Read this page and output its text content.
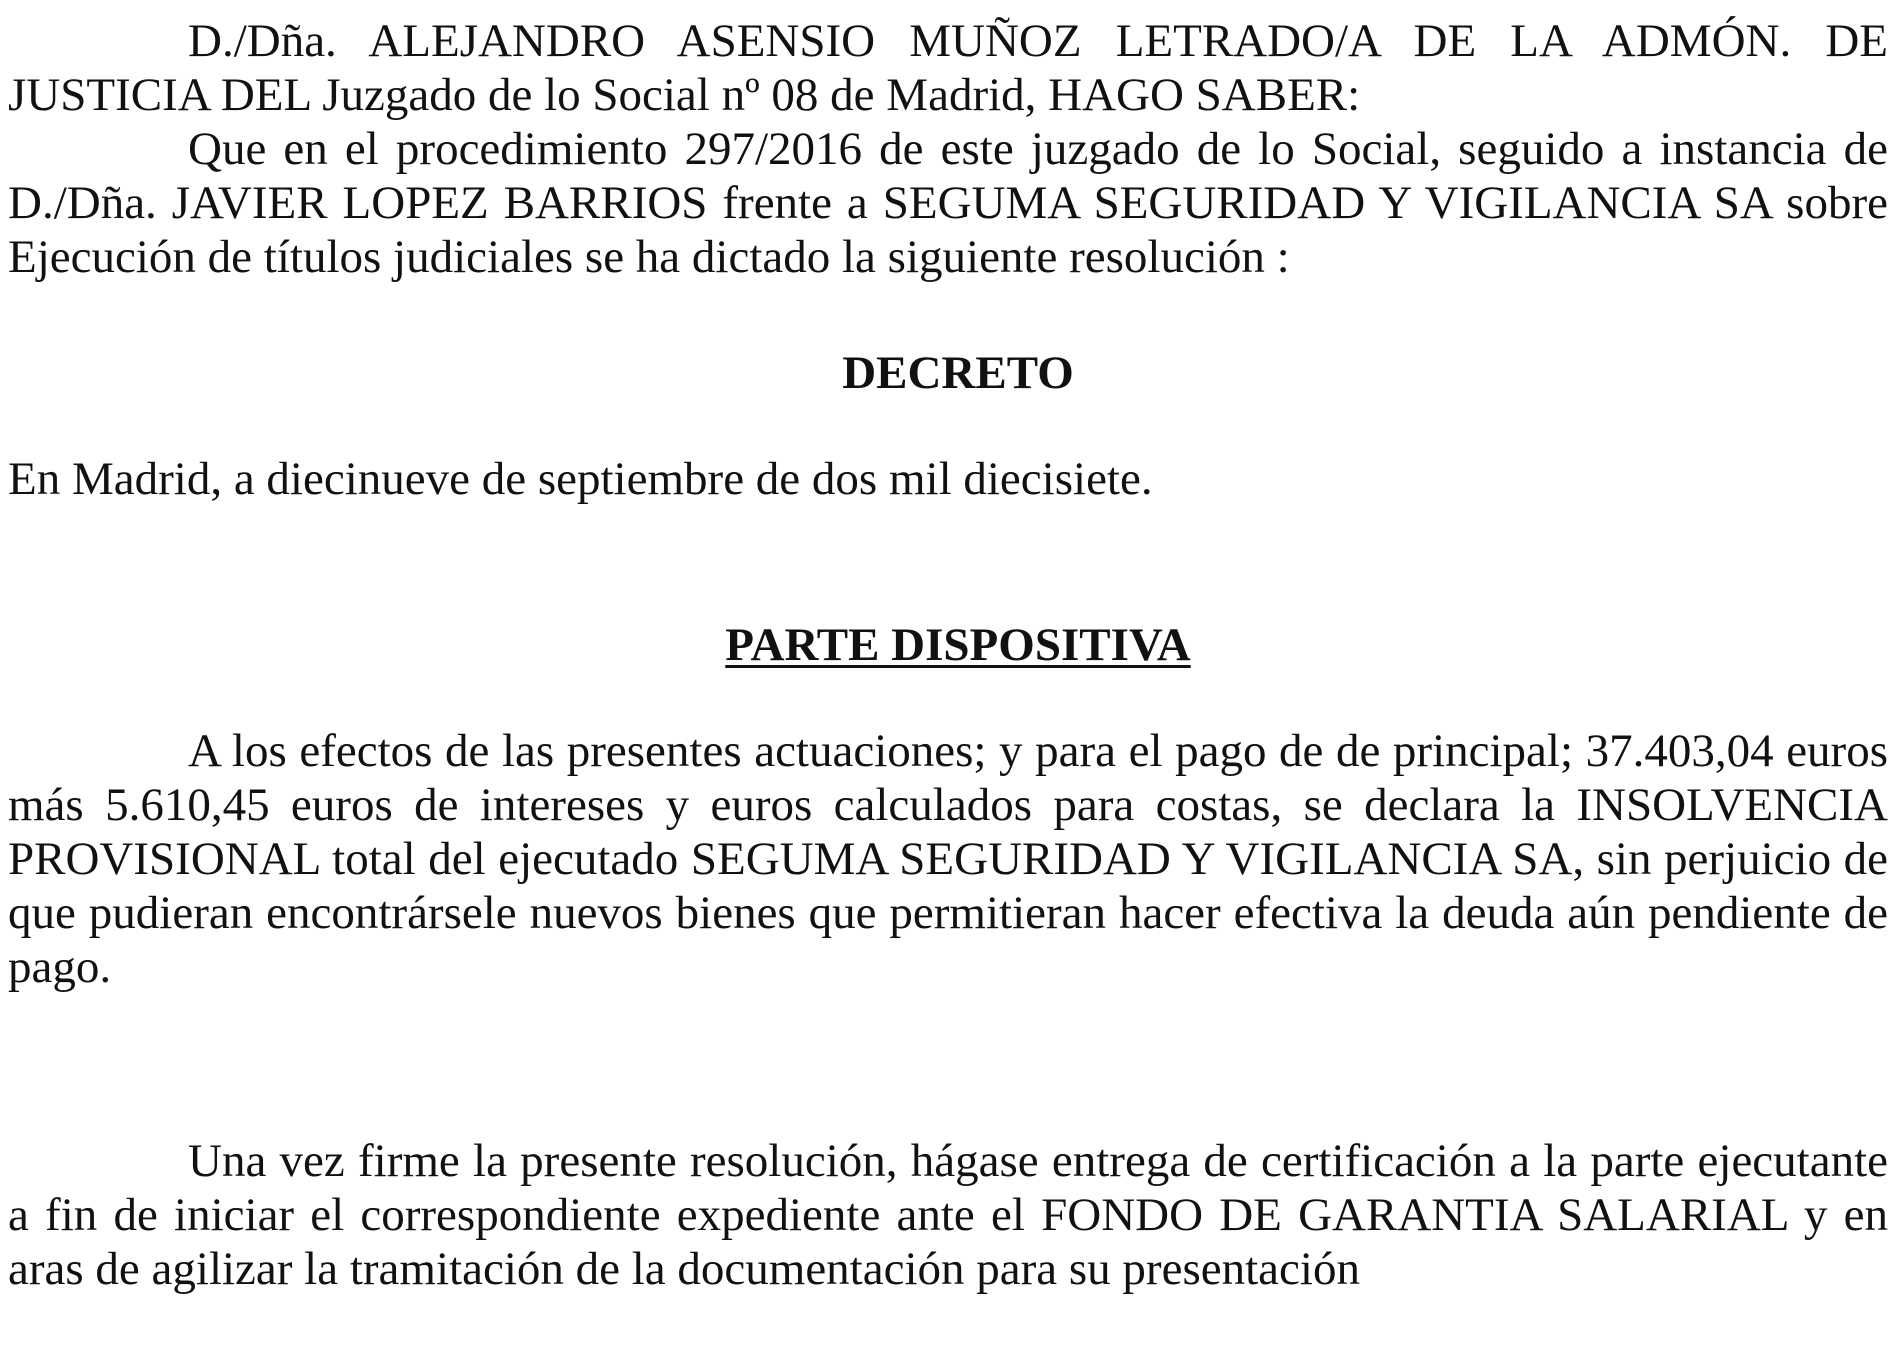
D./Dña. ALEJANDRO ASENSIO MUÑOZ LETRADO/A DE LA ADMÓN. DE JUSTICIA DEL Juzgado de lo Social nº 08 de Madrid, HAGO SABER:

Que en el procedimiento 297/2016 de este juzgado de lo Social, seguido a instancia de D./Dña. JAVIER LOPEZ BARRIOS frente a SEGUMA SEGURIDAD Y VIGILANCIA SA sobre Ejecución de títulos judiciales se ha dictado la siguiente resolución :

DECRETO

En Madrid, a diecinueve de septiembre de dos mil diecisiete.

PARTE DISPOSITIVA

A los efectos de las presentes actuaciones; y para el pago de de principal; 37.403,04 euros más 5.610,45 euros de intereses y euros calculados para costas, se declara la INSOLVENCIA PROVISIONAL total del ejecutado SEGUMA SEGURIDAD Y VIGILANCIA SA, sin perjuicio de que pudieran encontrársele nuevos bienes que permitieran hacer efectiva la deuda aún pendiente de pago.

Una vez firme la presente resolución, hágase entrega de certificación a la parte ejecutante a fin de iniciar el correspondiente expediente ante el FONDO DE GARANTIA SALARIAL y en aras de agilizar la tramitación de la documentación para su presentación
